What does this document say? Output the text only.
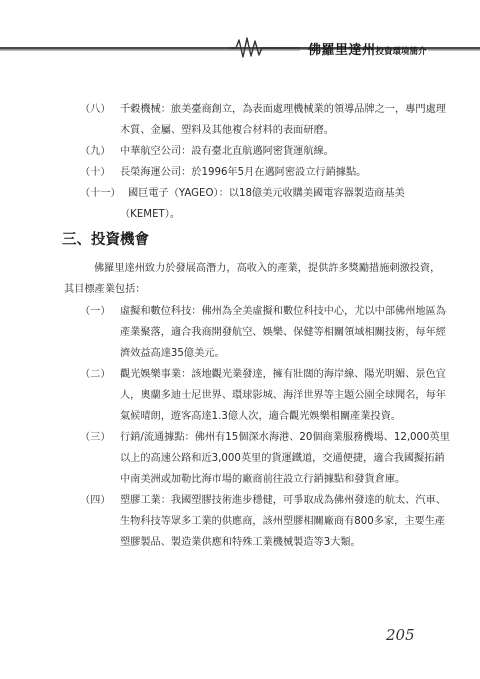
佛羅里達州投資環境簡介
（八） 千穀機械：旅美臺商創立，為表面處理機械業的領導品牌之一，專門處理
木質、金屬、塑料及其他複合材料的表面研磨。
（九） 中華航空公司：設有臺北直航邁阿密貨運航線。
（十） 長榮海運公司：於1996年5月在邁阿密設立行銷據點。
（十一） 國巨電子（YAGEO）：以18億美元收購美國電容器製造商基美
（KEMET）。
三、投資機會
佛羅里達州致力於發展高潛力，高收入的產業，提供許多獎勵措施刺激投資，
其目標產業包括：
（一） 虛擬和數位科技：佛州為全美虛擬和數位科技中心，尤以中部佛州地區為
產業聚落，適合我商開發航空、娛樂、保健等相關領域相關技術，每年經
濟效益高達35億美元。
（二） 觀光娛樂事業：該地觀光業發達，擁有壯闊的海岸線、陽光明媚、景色宜
人，奧蘭多迪士尼世界、環球影城、海洋世界等主題公園全球聞名，每年
氣候晴朗，遊客高達1.3億人次，適合觀光娛樂相關產業投資。
（三） 行銷/流通據點：佛州有15個深水海港、20個商業服務機場、12,000英里
以上的高速公路和近3,000英里的貨運鐵道，交通便捷，適合我國擬拓銷
中南美洲或加勒比海市場的廠商前往設立行銷據點和發貨倉庫。
（四） 塑膠工業：我國塑膠技術進步穩健，可爭取成為佛州發達的航太、汽車、
生物科技等眾多工業的供應商，該州塑膠相關廠商有800多家，主要生產
塑膠製品、製造業供應和特殊工業機械製造等3大類。
205
